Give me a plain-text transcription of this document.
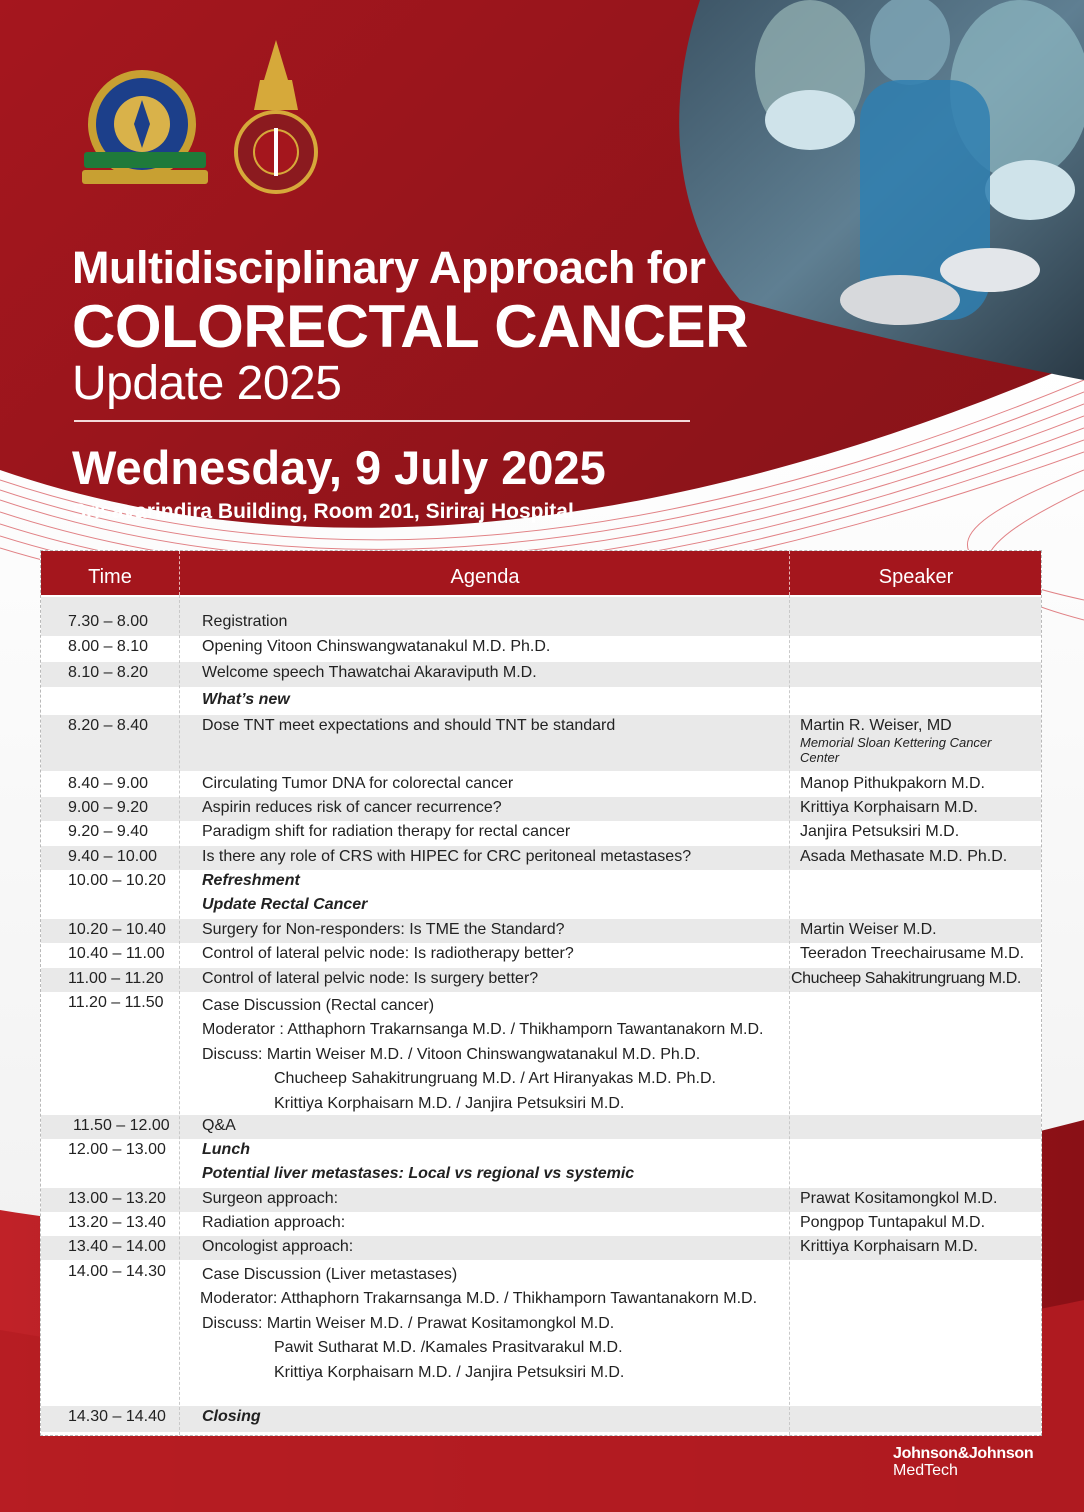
Multidisciplinary Approach for
COLORECTAL CANCER
Update 2025
Wednesday, 9 July 2025
Srisavarindira Building, Room 201, Siriraj Hospital
Time	Agenda	Speaker
7.30 – 8.00	Registration
8.00 – 8.10	Opening Vitoon Chinswangwatanakul M.D. Ph.D.
8.10 – 8.20	Welcome speech Thawatchai Akaraviputh M.D.
What’s new
8.20 – 8.40	Dose TNT meet expectations and should TNT be standard	Martin R. Weiser, MD
Memorial Sloan Kettering Cancer Center
8.40 – 9.00	Circulating Tumor DNA for colorectal cancer	Manop Pithukpakorn M.D.
9.00 – 9.20	Aspirin reduces risk of cancer recurrence?	Krittiya Korphaisarn M.D.
9.20 – 9.40	Paradigm shift for radiation therapy for rectal cancer	Janjira Petsuksiri M.D.
9.40 – 10.00	Is there any role of CRS with HIPEC for CRC peritoneal metastases?	Asada Methasate M.D. Ph.D.
10.00 – 10.20 Refreshment
Update Rectal Cancer
10.20 – 10.40 Surgery for Non-responders: Is TME the Standard?	Martin Weiser M.D.
10.40 – 11.00 Control of lateral pelvic node: Is radiotherapy better?	Teeradon Treechairusame M.D.
11.00 – 11.20 Control of lateral pelvic node: Is surgery better?	Chucheep Sahakitrungruang M.D.
11.20 – 11.50 Case Discussion (Rectal cancer)
Moderator : Atthaphorn Trakarnsanga M.D. / Thikhamporn Tawantanakorn M.D.
Discuss: Martin Weiser M.D. / Vitoon Chinswangwatanakul M.D. Ph.D.
Chucheep Sahakitrungruang M.D. / Art Hiranyakas M.D. Ph.D.
Krittiya Korphaisarn M.D. / Janjira Petsuksiri M.D.
11.50 – 12.00 Q&A
12.00 – 13.00 Lunch
Potential liver metastases: Local vs regional vs systemic
13.00 – 13.20 Surgeon approach:	Prawat Kositamongkol M.D.
13.20 – 13.40 Radiation approach:	Pongpop Tuntapakul M.D.
13.40 – 14.00 Oncologist approach:	Krittiya Korphaisarn M.D.
14.00 – 14.30 Case Discussion (Liver metastases)
Moderator: Atthaphorn Trakarnsanga M.D. / Thikhamporn Tawantanakorn M.D.
Discuss: Martin Weiser M.D. / Prawat Kositamongkol M.D.
Pawit Sutharat M.D. /Kamales Prasitvarakul M.D.
Krittiya Korphaisarn M.D. / Janjira Petsuksiri M.D.
14.30 – 14.40 Closing
Johnson&Johnson
MedTech
